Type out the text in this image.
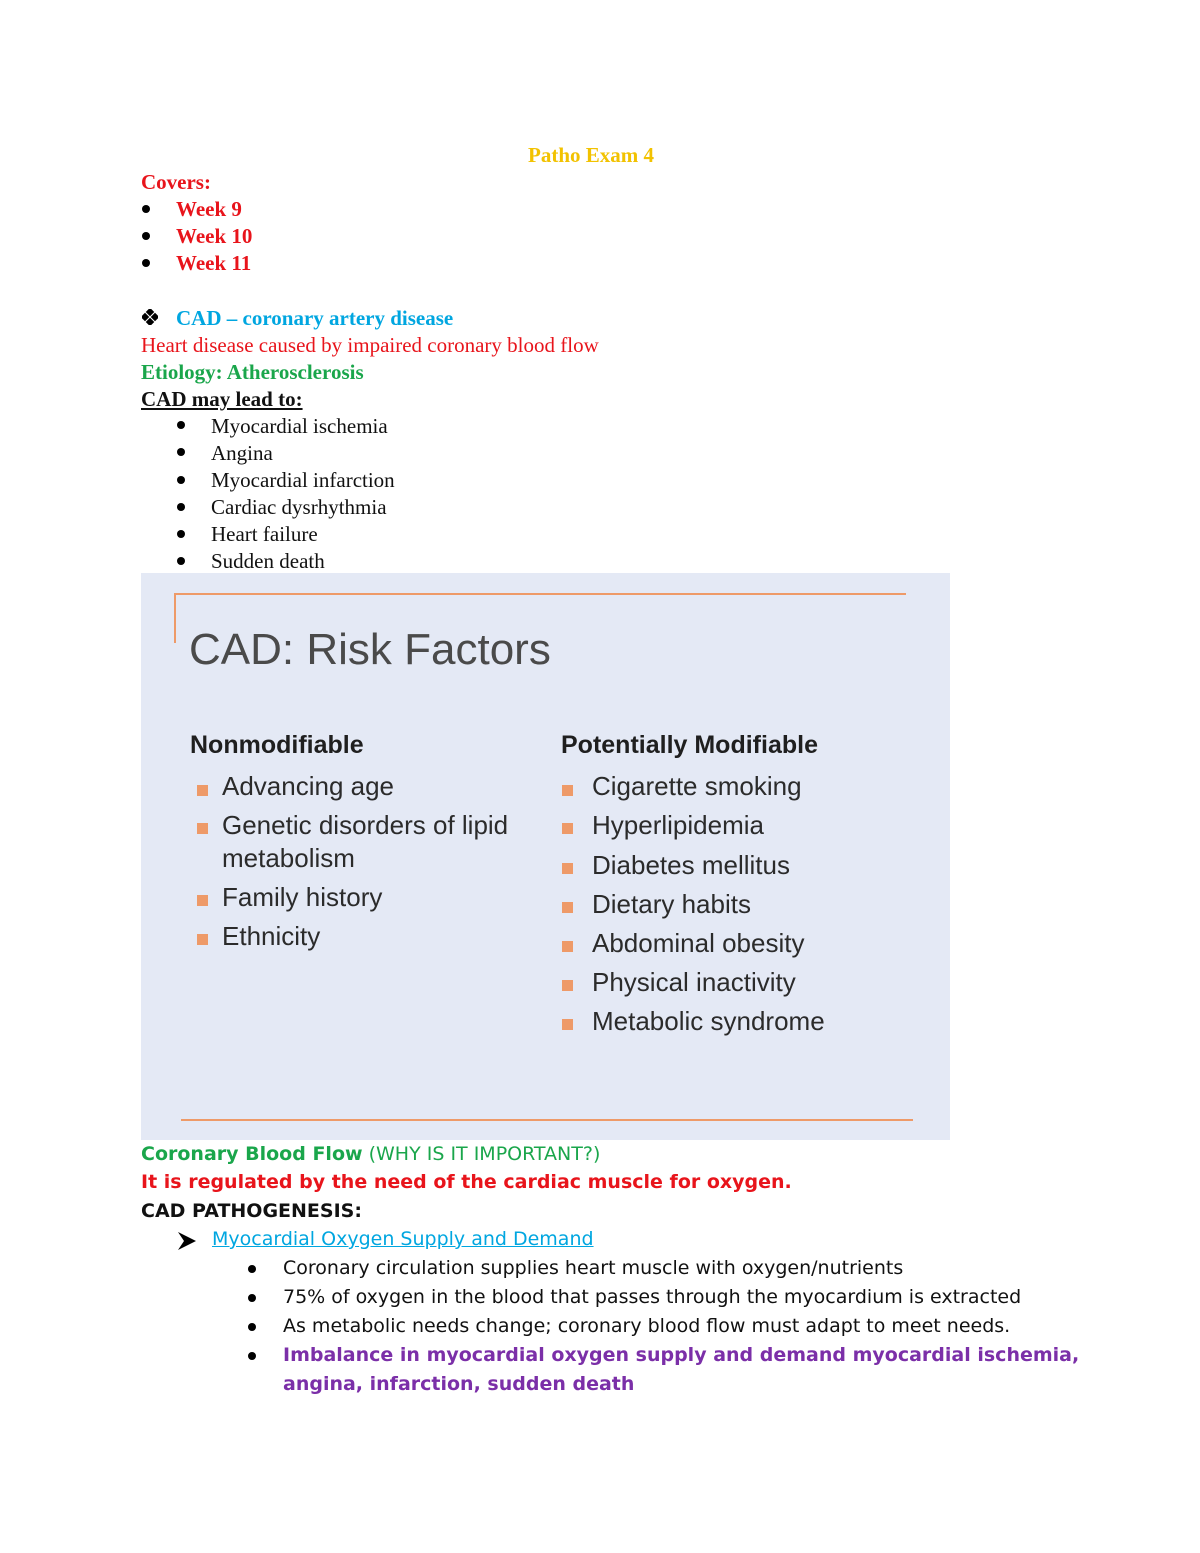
Patho Exam 4
Covers:
Week 9
Week 10
Week 11
CAD – coronary artery disease
Heart disease caused by impaired coronary blood flow
Etiology: Atherosclerosis
CAD may lead to:
Myocardial ischemia
Angina
Myocardial infarction
Cardiac dysrhythmia
Heart failure
Sudden death
CAD: Risk Factors
Nonmodifiable
Advancing age
Genetic disorders of lipid
metabolism
Family history
Ethnicity
Potentially Modifiable
Cigarette smoking
Hyperlipidemia
Diabetes mellitus
Dietary habits
Abdominal obesity
Physical inactivity
Metabolic syndrome
Coronary Blood Flow (WHY IS IT IMPORTANT?)
It is regulated by the need of the cardiac muscle for oxygen.
CAD PATHOGENESIS:
Myocardial Oxygen Supply and Demand
Coronary circulation supplies heart muscle with oxygen/nutrients
75% of oxygen in the blood that passes through the myocardium is extracted
As metabolic needs change; coronary blood flow must adapt to meet needs.
Imbalance in myocardial oxygen supply and demand myocardial ischemia,
angina, infarction, sudden death
